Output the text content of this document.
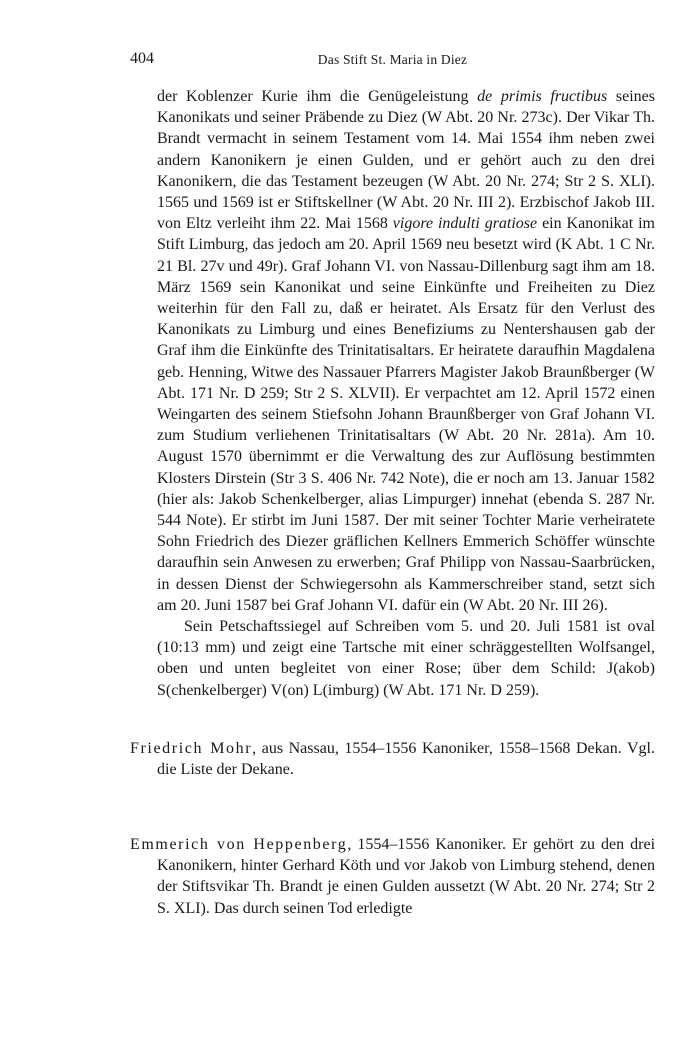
404	Das Stift St. Maria in Diez

der Koblenzer Kurie ihm die Genügeleistung de primis fructibus seines Kanonikats und seiner Präbende zu Diez (W Abt. 20 Nr. 273c). Der Vikar Th. Brandt vermacht in seinem Testament vom 14. Mai 1554 ihm neben zwei andern Kanonikern je einen Gulden, und er gehört auch zu den drei Kanonikern, die das Testament bezeugen (W Abt. 20 Nr. 274; Str 2 S. XLI). 1565 und 1569 ist er Stiftskellner (W Abt. 20 Nr. III 2). Erzbischof Jakob III. von Eltz verleiht ihm 22. Mai 1568 vigore indulti gratiose ein Kanonikat im Stift Limburg, das jedoch am 20. April 1569 neu besetzt wird (K Abt. 1 C Nr. 21 Bl. 27v und 49r). Graf Johann VI. von Nassau-Dillenburg sagt ihm am 18. März 1569 sein Kanonikat und seine Einkünfte und Freiheiten zu Diez weiterhin für den Fall zu, daß er heiratet. Als Ersatz für den Verlust des Kanonikats zu Limburg und eines Benefiziums zu Nentershausen gab der Graf ihm die Einkünfte des Trinitatisaltars. Er heiratete daraufhin Magdalena geb. Henning, Witwe des Nassauer Pfarrers Magister Jakob Braunßberger (W Abt. 171 Nr. D 259; Str 2 S. XLVII). Er verpachtet am 12. April 1572 einen Weingarten des seinem Stiefsohn Johann Braunßberger von Graf Johann VI. zum Studium verliehenen Trinitatisaltars (W Abt. 20 Nr. 281a). Am 10. August 1570 übernimmt er die Verwaltung des zur Auflösung bestimmten Klosters Dirstein (Str 3 S. 406 Nr. 742 Note), die er noch am 13. Januar 1582 (hier als: Jakob Schenkelberger, alias Limpurger) innehat (ebenda S. 287 Nr. 544 Note). Er stirbt im Juni 1587. Der mit seiner Tochter Marie verheiratete Sohn Friedrich des Diezer gräflichen Kellners Emmerich Schöffer wünschte daraufhin sein Anwesen zu erwerben; Graf Philipp von Nassau-Saarbrücken, in dessen Dienst der Schwiegersohn als Kammerschreiber stand, setzt sich am 20. Juni 1587 bei Graf Johann VI. dafür ein (W Abt. 20 Nr. III 26).

Sein Petschaftssiegel auf Schreiben vom 5. und 20. Juli 1581 ist oval (10:13 mm) und zeigt eine Tartsche mit einer schräggestellten Wolfsangel, oben und unten begleitet von einer Rose; über dem Schild: J(akob) S(chenkelberger) V(on) L(imburg) (W Abt. 171 Nr. D 259).

Friedrich Mohr, aus Nassau, 1554–1556 Kanoniker, 1558–1568 Dekan. Vgl. die Liste der Dekane.

Emmerich von Heppenberg, 1554–1556 Kanoniker. Er gehört zu den drei Kanonikern, hinter Gerhard Köth und vor Jakob von Limburg stehend, denen der Stiftsvikar Th. Brandt je einen Gulden aussetzt (W Abt. 20 Nr. 274; Str 2 S. XLI). Das durch seinen Tod erledigte
